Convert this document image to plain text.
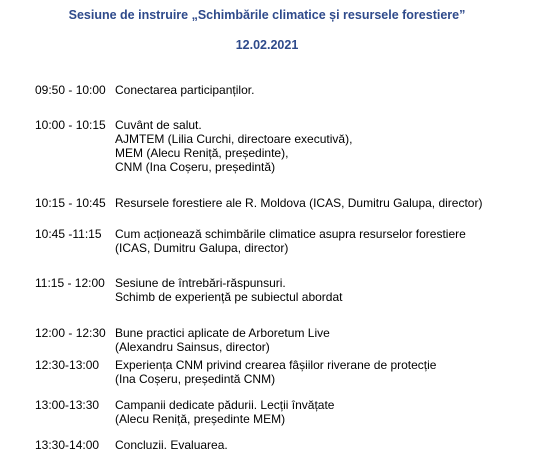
Sesiune de instruire „Schimbările climatice și resursele forestiere”
12.02.2021
09:50 - 10:00 Conectarea participanților.
10:00 - 10:15 Cuvânt de salut.
AJMTEM (Lilia Curchi, directoare executivă),
MEM (Alecu Reniță, președinte),
CNM (Ina Coșeru, președintă)
10:15 - 10:45 Resursele forestiere ale R. Moldova (ICAS, Dumitru Galupa, director)
10:45 -11:15 Cum acționează schimbările climatice asupra resurselor forestiere
(ICAS, Dumitru Galupa, director)
11:15 - 12:00 Sesiune de întrebări-răspunsuri.
Schimb de experiență pe subiectul abordat
12:00 - 12:30 Bune practici aplicate de Arboretum Live
(Alexandru Sainsus, director)
12:30-13:00 Experiența CNM privind crearea fâșiilor riverane de protecție
(Ina Coșeru, președintă CNM)
13:00-13:30 Campanii dedicate pădurii. Lecții învățate
(Alecu Reniță, președinte MEM)
13:30-14:00 Concluzii. Evaluarea.
